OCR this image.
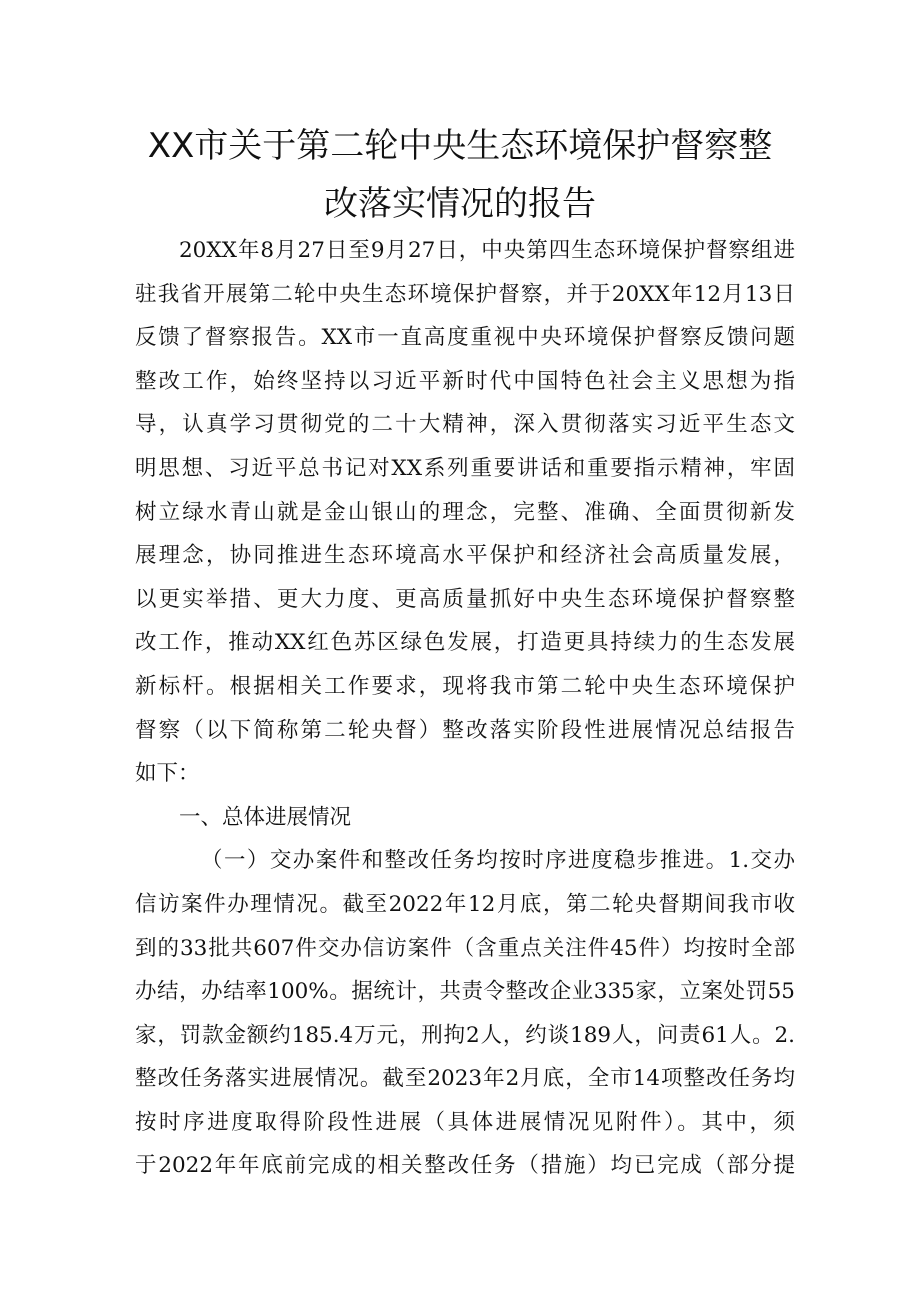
XX市关于第二轮中央生态环境保护督察整
改落实情况的报告
20XX年8月27日至9月27日，中央第四生态环境保护督察组进
驻我省开展第二轮中央生态环境保护督察，并于20XX年12月13日
反馈了督察报告。XX市一直高度重视中央环境保护督察反馈问题
整改工作，始终坚持以习近平新时代中国特色社会主义思想为指
导，认真学习贯彻党的二十大精神，深入贯彻落实习近平生态文
明思想、习近平总书记对XX系列重要讲话和重要指示精神，牢固
树立绿水青山就是金山银山的理念，完整、准确、全面贯彻新发
展理念，协同推进生态环境高水平保护和经济社会高质量发展，
以更实举措、更大力度、更高质量抓好中央生态环境保护督察整
改工作，推动XX红色苏区绿色发展，打造更具持续力的生态发展
新标杆。根据相关工作要求，现将我市第二轮中央生态环境保护
督察（以下简称第二轮央督）整改落实阶段性进展情况总结报告
如下：
一、总体进展情况
（一）交办案件和整改任务均按时序进度稳步推进。1.交办
信访案件办理情况。截至2022年12月底，第二轮央督期间我市收
到的33批共607件交办信访案件（含重点关注件45件）均按时全部
办结，办结率100%。据统计，共责令整改企业335家，立案处罚55
家，罚款金额约185.4万元，刑拘2人，约谈189人，问责61人。2.
整改任务落实进展情况。截至2023年2月底，全市14项整改任务均
按时序进度取得阶段性进展（具体进展情况见附件）。其中，须
于2022年年底前完成的相关整改任务（措施）均已完成（部分提
